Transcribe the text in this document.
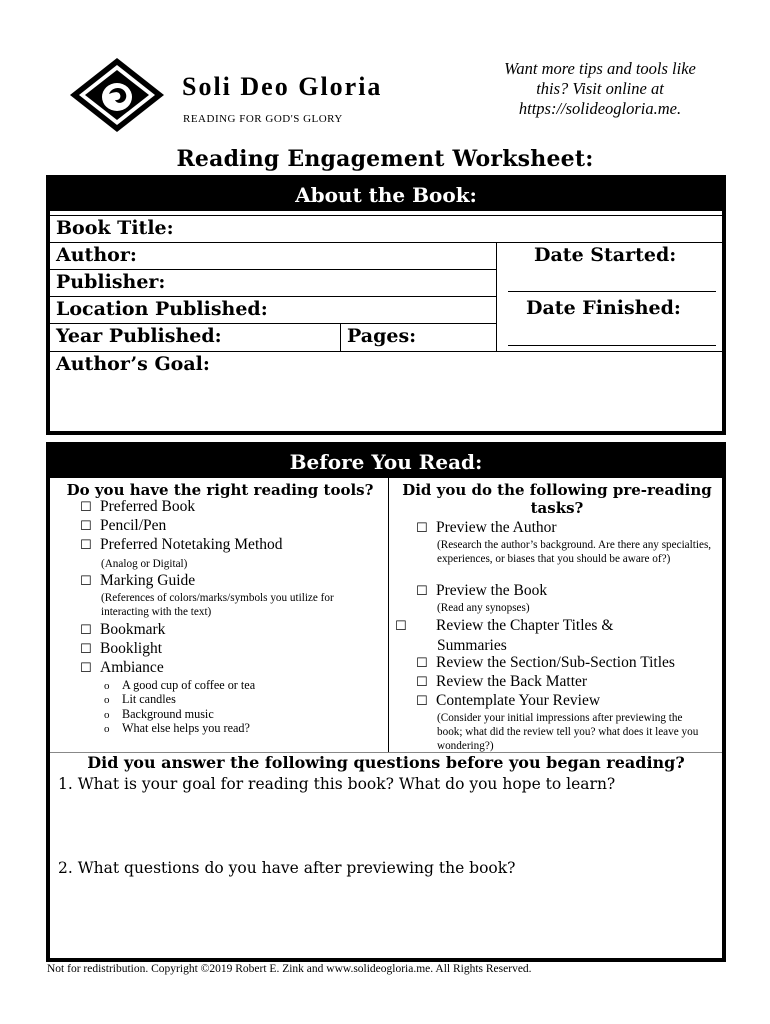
Soli Deo Gloria
READING FOR GOD'S GLORY
Want more tips and tools like
this? Visit online at
https://solideogloria.me.
Reading Engagement Worksheet:
About the Book:
Book Title:
Author:
Publisher:
Location Published:
Year Published:	Pages:
Date Started:
Date Finished:
Author’s Goal:
Before You Read:
Do you have the right reading tools?
☐ Preferred Book
☐ Pencil/Pen
☐ Preferred Notetaking Method
(Analog or Digital)
☐ Marking Guide
(References of colors/marks/symbols you utilize for interacting with the text)
☐ Bookmark
☐ Booklight
☐ Ambiance
o A good cup of coffee or tea
o Lit candles
o Background music
o What else helps you read?
Did you do the following pre-reading tasks?
☐ Preview the Author
(Research the author’s background. Are there any specialties, experiences, or biases that you should be aware of?)
☐ Preview the Book
(Read any synopses)
☐ Review the Chapter Titles & Summaries
☐ Review the Section/Sub-Section Titles
☐ Review the Back Matter
☐ Contemplate Your Review
(Consider your initial impressions after previewing the book; what did the review tell you? what does it leave you wondering?)
Did you answer the following questions before you began reading?
1. What is your goal for reading this book? What do you hope to learn?
2. What questions do you have after previewing the book?
Not for redistribution. Copyright ©2019 Robert E. Zink and www.solideogloria.me. All Rights Reserved.
